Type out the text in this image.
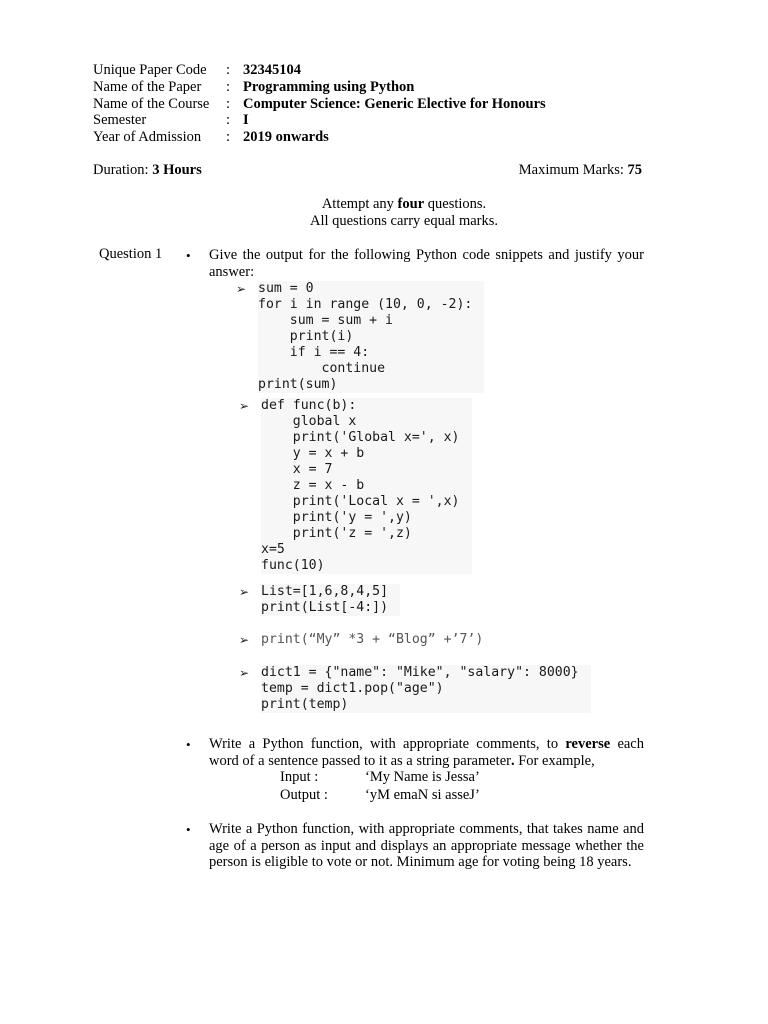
Unique Paper Code	: 32345104
Name of the Paper	: Programming using Python
Name of the Course	: Computer Science: Generic Elective for Honours
Semester	: I
Year of Admission	: 2019 onwards
Duration: 3 Hours	Maximum Marks: 75
Attempt any four questions.
All questions carry equal marks.
Question 1 • Give the output for the following Python code snippets and justify your answer:
➢ sum = 0
for i in range (10, 0, -2):
sum = sum + i
print(i)
if i == 4:
continue
print(sum)
➢ def func(b):
global x
print('Global x=', x)
y = x + b
x = 7
z = x - b
print('Local x = ',x)
print('y = ',y)
print('z = ',z)
x=5
func(10)
➢ List=[1,6,8,4,5]
print(List[-4:])
➢ print(“My” *3 + “Blog” +’7’)
➢ dict1 = {"name": "Mike", "salary": 8000}
temp = dict1.pop("age")
print(temp)
• Write a Python function, with appropriate comments, to reverse each word of a sentence passed to it as a string parameter. For example,
Input :	‘My Name is Jessa’
Output :	‘yM emaN si asseJ’
• Write a Python function, with appropriate comments, that takes name and age of a person as input and displays an appropriate message whether the person is eligible to vote or not. Minimum age for voting being 18 years.
